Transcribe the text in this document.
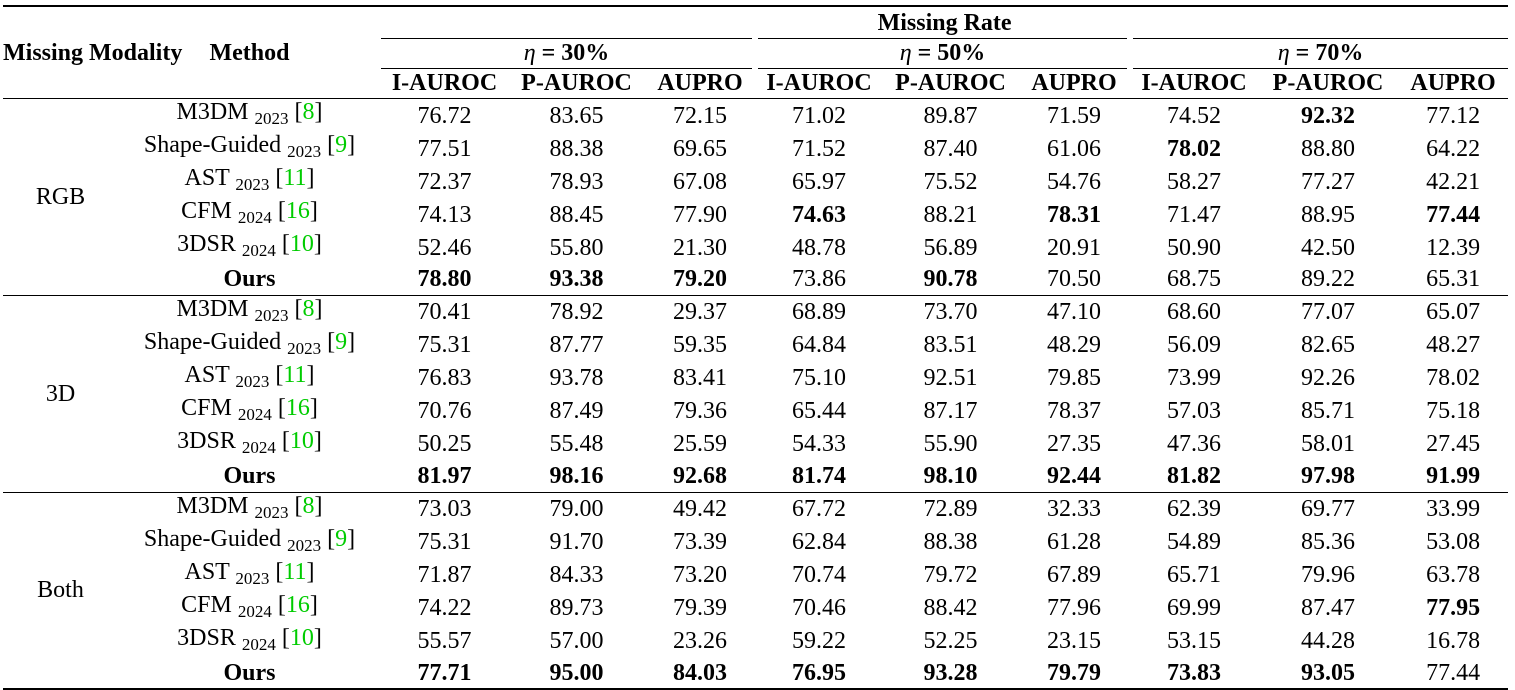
Missing Modality	Method	Missing Rate								
		η = 30%			η = 50%			η = 70%		
		I-AUROC	P-AUROC	AUPRO	I-AUROC	P-AUROC	AUPRO	I-AUROC	P-AUROC	AUPRO
RGB	M3DM $_{2023}$ [8]	76.72	83.65	72.15	71.02	89.87	71.59	74.52	92.32	77.12
	Shape-Guided $_{2023}$ [9]	77.51	88.38	69.65	71.52	87.40	61.06	78.02	88.80	64.22
	AST $_{2023}$ [11]	72.37	78.93	67.08	65.97	75.52	54.76	58.27	77.27	42.21
	CFM $_{2024}$ [16]	74.13	88.45	77.90	74.63	88.21	78.31	71.47	88.95	77.44
	3DSR $_{2024}$ [10]	52.46	55.80	21.30	48.78	56.89	20.91	50.90	42.50	12.39
	Ours	78.80	93.38	79.20	73.86	90.78	70.50	68.75	89.22	65.31
3D	M3DM $_{2023}$ [8]	70.41	78.92	29.37	68.89	73.70	47.10	68.60	77.07	65.07
	Shape-Guided $_{2023}$ [9]	75.31	87.77	59.35	64.84	83.51	48.29	56.09	82.65	48.27
	AST $_{2023}$ [11]	76.83	93.78	83.41	75.10	92.51	79.85	73.99	92.26	78.02
	CFM $_{2024}$ [16]	70.76	87.49	79.36	65.44	87.17	78.37	57.03	85.71	75.18
	3DSR $_{2024}$ [10]	50.25	55.48	25.59	54.33	55.90	27.35	47.36	58.01	27.45
	Ours	81.97	98.16	92.68	81.74	98.10	92.44	81.82	97.98	91.99
Both	M3DM $_{2023}$ [8]	73.03	79.00	49.42	67.72	72.89	32.33	62.39	69.77	33.99
	Shape-Guided $_{2023}$ [9]	75.31	91.70	73.39	62.84	88.38	61.28	54.89	85.36	53.08
	AST $_{2023}$ [11]	71.87	84.33	73.20	70.74	79.72	67.89	65.71	79.96	63.78
	CFM $_{2024}$ [16]	74.22	89.73	79.39	70.46	88.42	77.96	69.99	87.47	77.95
	3DSR $_{2024}$ [10]	55.57	57.00	23.26	59.22	52.25	23.15	53.15	44.28	16.78
	Ours	77.71	95.00	84.03	76.95	93.28	79.79	73.83	93.05	77.44
